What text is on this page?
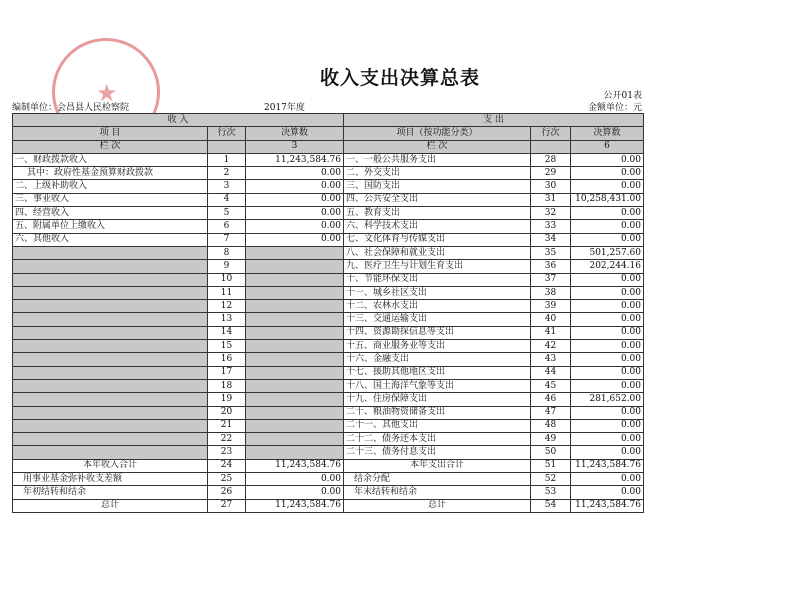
★
收入支出决算总表
公开01表
编制单位：会昌县人民检察院	2017年度	金额单位：元
收 入			支 出		
项 目	行次	决算数	项目（按功能分类）	行次	决算数
栏 次		3	栏 次		6
一、财政拨款收入	1	11,243,584.76	一、一般公共服务支出	28	0.00
其中：政府性基金预算财政拨款	2	0.00	二、外交支出	29	0.00
二、上级补助收入	3	0.00	三、国防支出	30	0.00
三、事业收入	4	0.00	四、公共安全支出	31	10,258,431.00
四、经营收入	5	0.00	五、教育支出	32	0.00
五、附属单位上缴收入	6	0.00	六、科学技术支出	33	0.00
六、其他收入	7	0.00	七、文化体育与传媒支出	34	0.00
	8		八、社会保障和就业支出	35	501,257.60
	9		九、医疗卫生与计划生育支出	36	202,244.16
	10		十、节能环保支出	37	0.00
	11		十一、城乡社区支出	38	0.00
	12		十二、农林水支出	39	0.00
	13		十三、交通运输支出	40	0.00
	14		十四、资源勘探信息等支出	41	0.00
	15		十五、商业服务业等支出	42	0.00
	16		十六、金融支出	43	0.00
	17		十七、援助其他地区支出	44	0.00
	18		十八、国土海洋气象等支出	45	0.00
	19		十九、住房保障支出	46	281,652.00
	20		二十、粮油物资储备支出	47	0.00
	21		二十一、其他支出	48	0.00
	22		二十二、债务还本支出	49	0.00
	23		二十三、债务付息支出	50	0.00
本年收入合计	24	11,243,584.76	本年支出合计	51	11,243,584.76
用事业基金弥补收支差额	25	0.00	结余分配	52	0.00
年初结转和结余	26	0.00	年末结转和结余	53	0.00
总计	27	11,243,584.76	总计	54	11,243,584.76
